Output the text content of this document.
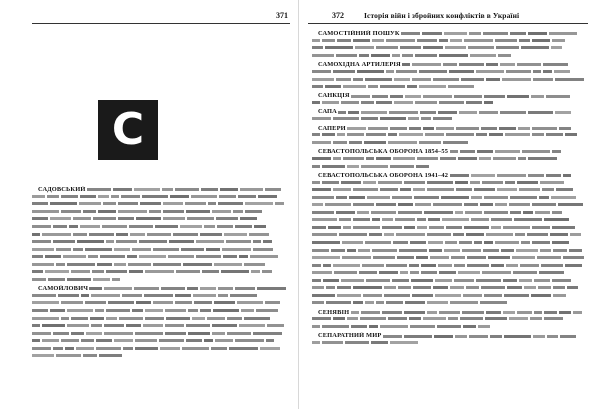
371
С
САДОВСЬКИЙ
САМОЙЛОВИЧ
372	Історія війн і збройних конфліктів в Україні
САМОСТІЙНИЙ ПОШУК
САМОХІДНА АРТИЛЕРІЯ
САНКЦІЯ
САПА
САПЕРИ
СЕВАСТОПОЛЬСЬКА ОБОРОНА 1854–55
СЕВАСТОПОЛЬСЬКА ОБОРОНА 1941–42
СЕНЯВІН
СЕПАРАТНИЙ МИР
